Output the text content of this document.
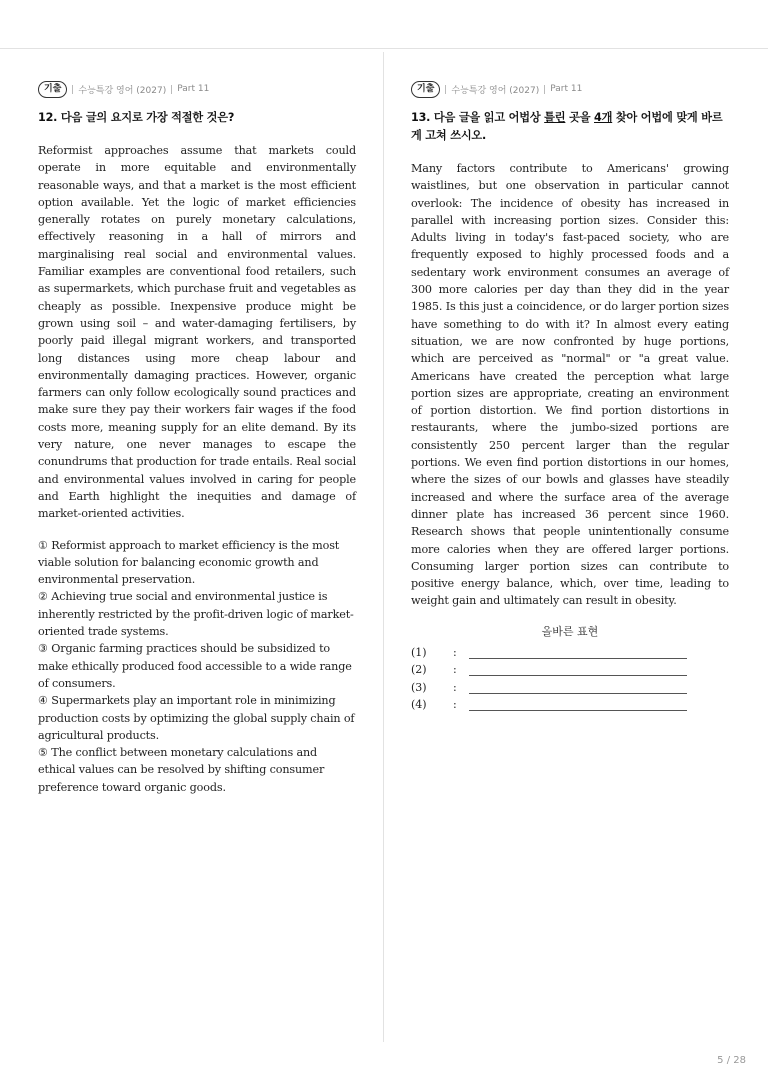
기출	수능특강 영어 (2027) Part 11
12. 다음 글의 요지로 가장 적절한 것은?
Reformist approaches assume that markets could operate in more equitable and environmentally reasonable ways, and that a market is the most efficient option available. Yet the logic of market efficiencies generally rotates on purely monetary calculations, effectively reasoning in a hall of mirrors and marginalising real social and environmental values. Familiar examples are conventional food retailers, such as supermarkets, which purchase fruit and vegetables as cheaply as possible. Inexpensive produce might be grown using soil – and water-damaging fertilisers, by poorly paid illegal migrant workers, and transported long distances using more cheap labour and environmentally damaging practices. However, organic farmers can only follow ecologically sound practices and make sure they pay their workers fair wages if the food costs more, meaning supply for an elite demand. By its very nature, one never manages to escape the conundrums that production for trade entails. Real social and environmental values involved in caring for people and Earth highlight the inequities and damage of market-oriented activities.
① Reformist approach to market efficiency is the most viable solution for balancing economic growth and environmental preservation.
② Achieving true social and environmental justice is inherently restricted by the profit-driven logic of market-oriented trade systems.
③ Organic farming practices should be subsidized to make ethically produced food accessible to a wide range of consumers.
④ Supermarkets play an important role in minimizing production costs by optimizing the global supply chain of agricultural products.
⑤ The conflict between monetary calculations and ethical values can be resolved by shifting consumer preference toward organic goods.
기출	수능특강 영어 (2027) Part 11
13. 다음 글을 읽고 어법상 틀린 곳을 4개 찾아 어법에 맞게 바르게 고쳐 쓰시오.
Many factors contribute to Americans' growing waistlines, but one observation in particular cannot overlook: The incidence of obesity has increased in parallel with increasing portion sizes. Consider this: Adults living in today's fast-paced society, who are frequently exposed to highly processed foods and a sedentary work environment consumes an average of 300 more calories per day than they did in the year 1985. Is this just a coincidence, or do larger portion sizes have something to do with it? In almost every eating situation, we are now confronted by huge portions, which are perceived as "normal" or "a great value. Americans have created the perception what large portion sizes are appropriate, creating an environment of portion distortion. We find portion distortions in restaurants, where the jumbo-sized portions are consistently 250 percent larger than the regular portions. We even find portion distortions in our homes, where the sizes of our bowls and glasses have steadily increased and where the surface area of the average dinner plate has increased 36 percent since 1960. Research shows that people unintentionally consume more calories when they are offered larger portions. Consuming larger portion sizes can contribute to positive energy balance, which, over time, leading to weight gain and ultimately can result in obesity.
올바른 표현
(1)	:
(2)	:
(3)	:
(4)	:
5 / 28
